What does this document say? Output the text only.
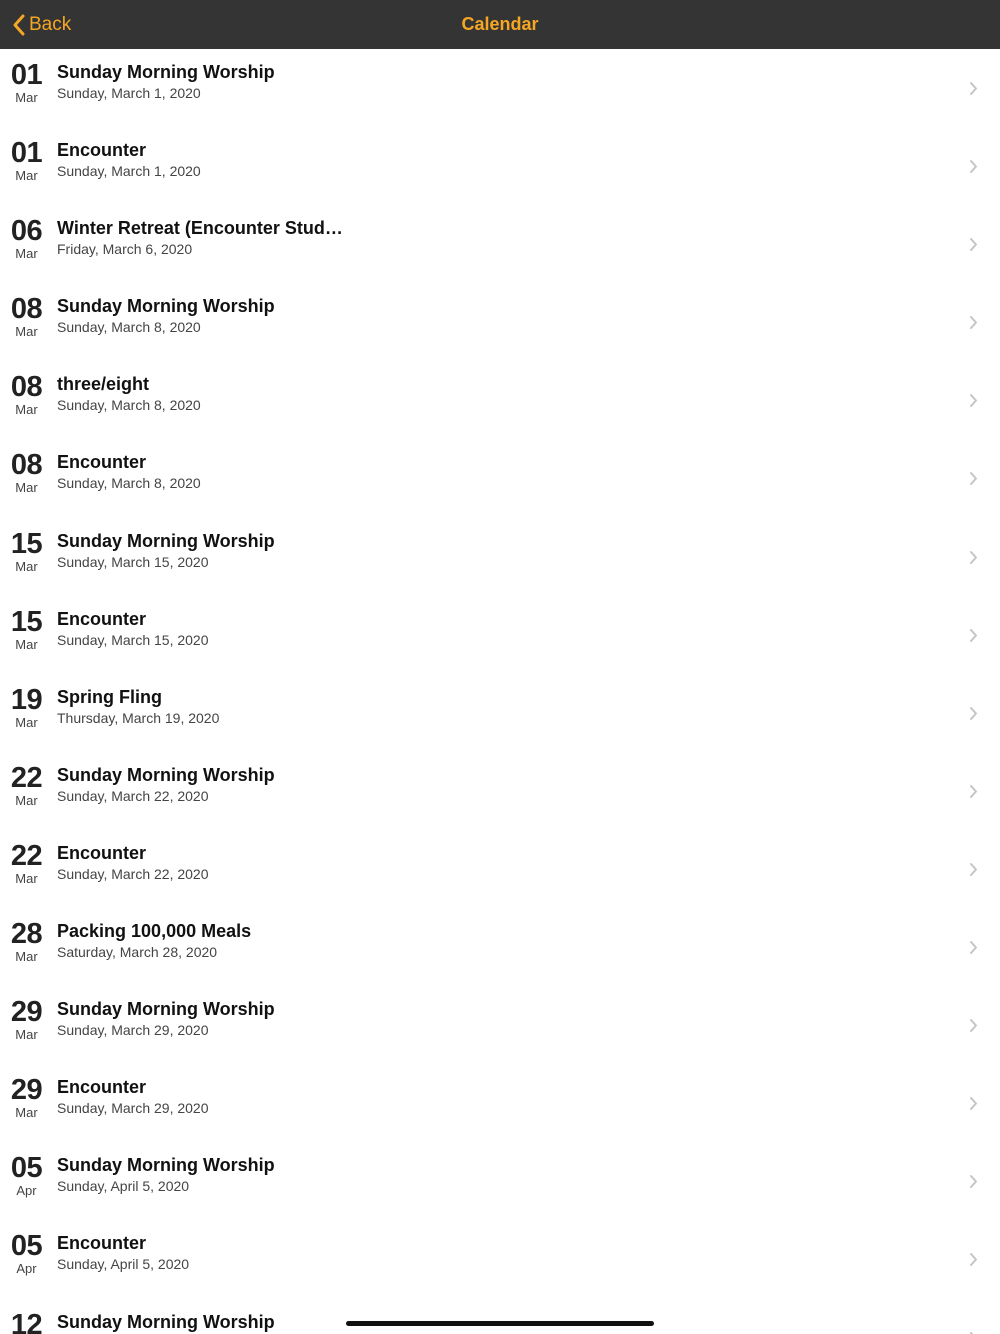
Back	Calendar
01
Mar
Sunday Morning Worship
Sunday, March 1, 2020
01
Mar
Encounter
Sunday, March 1, 2020
06
Mar
Winter Retreat (Encounter Stud…
Friday, March 6, 2020
08
Mar
Sunday Morning Worship
Sunday, March 8, 2020
08
Mar
three/eight
Sunday, March 8, 2020
08
Mar
Encounter
Sunday, March 8, 2020
15
Mar
Sunday Morning Worship
Sunday, March 15, 2020
15
Mar
Encounter
Sunday, March 15, 2020
19
Mar
Spring Fling
Thursday, March 19, 2020
22
Mar
Sunday Morning Worship
Sunday, March 22, 2020
22
Mar
Encounter
Sunday, March 22, 2020
28
Mar
Packing 100,000 Meals
Saturday, March 28, 2020
29
Mar
Sunday Morning Worship
Sunday, March 29, 2020
29
Mar
Encounter
Sunday, March 29, 2020
05
Apr
Sunday Morning Worship
Sunday, April 5, 2020
05
Apr
Encounter
Sunday, April 5, 2020
12 Sunday Morning Worship
